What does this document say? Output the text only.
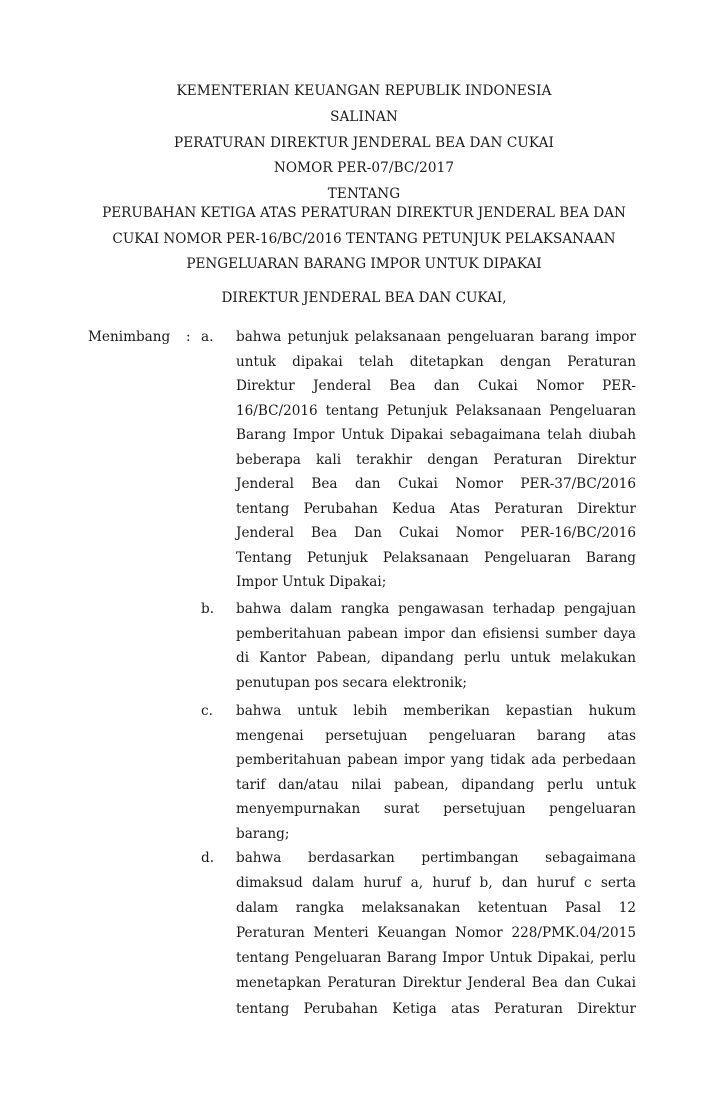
KEMENTERIAN KEUANGAN REPUBLIK INDONESIA
SALINAN
PERATURAN DIREKTUR JENDERAL BEA DAN CUKAI
NOMOR PER-07/BC/2017
TENTANG
PERUBAHAN KETIGA ATAS PERATURAN DIREKTUR JENDERAL BEA DAN
CUKAI NOMOR PER-16/BC/2016 TENTANG PETUNJUK PELAKSANAAN
PENGELUARAN BARANG IMPOR UNTUK DIPAKAI
DIREKTUR JENDERAL BEA DAN CUKAI,
Menimbang : a. bahwa petunjuk pelaksanaan pengeluaran barang impor
untuk dipakai telah ditetapkan dengan Peraturan
Direktur Jenderal Bea dan Cukai Nomor PER-
16/BC/2016 tentang Petunjuk Pelaksanaan Pengeluaran
Barang Impor Untuk Dipakai sebagaimana telah diubah
beberapa kali terakhir dengan Peraturan Direktur
Jenderal Bea dan Cukai Nomor PER-37/BC/2016
tentang Perubahan Kedua Atas Peraturan Direktur
Jenderal Bea Dan Cukai Nomor PER-16/BC/2016
Tentang Petunjuk Pelaksanaan Pengeluaran Barang
Impor Untuk Dipakai;
b. bahwa dalam rangka pengawasan terhadap pengajuan
pemberitahuan pabean impor dan efisiensi sumber daya
di Kantor Pabean, dipandang perlu untuk melakukan
penutupan pos secara elektronik;
c. bahwa untuk lebih memberikan kepastian hukum
mengenai persetujuan pengeluaran barang atas
pemberitahuan pabean impor yang tidak ada perbedaan
tarif dan/atau nilai pabean, dipandang perlu untuk
menyempurnakan surat persetujuan pengeluaran
barang;
d. bahwa berdasarkan pertimbangan sebagaimana
dimaksud dalam huruf a, huruf b, dan huruf c serta
dalam rangka melaksanakan ketentuan Pasal 12
Peraturan Menteri Keuangan Nomor 228/PMK.04/2015
tentang Pengeluaran Barang Impor Untuk Dipakai, perlu
menetapkan Peraturan Direktur Jenderal Bea dan Cukai
tentang Perubahan Ketiga atas Peraturan Direktur
